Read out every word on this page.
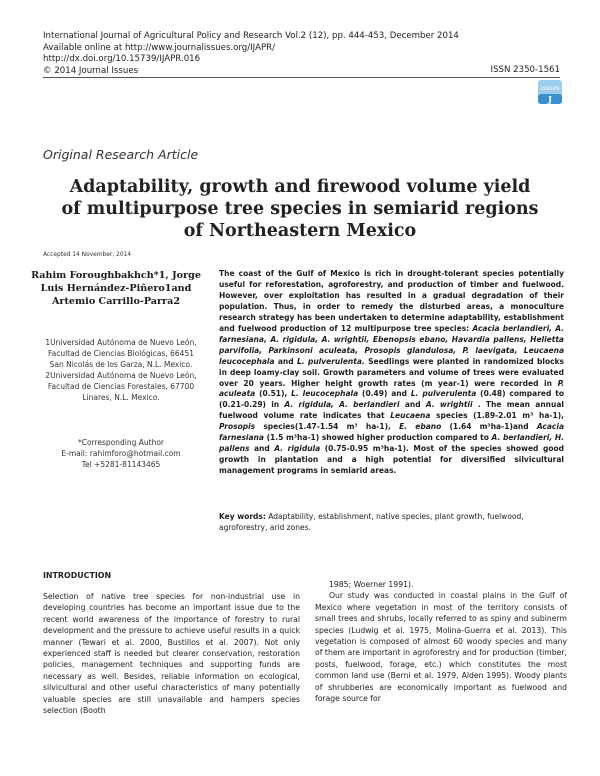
International Journal of Agricultural Policy and Research Vol.2 (12), pp. 444-453, December 2014
Available online at http://www.journalissues.org/IJAPR/
http://dx.doi.org/10.15739/IJAPR.016
© 2014 Journal Issues	ISSN 2350-1561
issues
J
Original Research Article
Adaptability, growth and firewood volume yield of multipurpose tree species in semiarid regions of Northeastern Mexico
Accepted 14 November, 2014
Rahim Foroughbakhch*1, Jorge Luis Hernández-Piñero1and Artemio Carrillo-Parra2
1Universidad Autónoma de Nuevo León, Facultad de Ciencias Biológicas, 66451 San Nicolás de los Garza, N.L. Mexico.
2Universidad Autónoma de Nuevo León, Facultad de Ciencias Forestales, 67700 Linares, N.L. Mexico.
*Corresponding Author
E-mail: rahimforo@hotmail.com
Tel +5281-81143465
The coast of the Gulf of Mexico is rich in drought-tolerant species potentially useful for reforestation, agroforestry, and production of timber and fuelwood. However, over exploitation has resulted in a gradual degradation of their population. Thus, in order to remedy the disturbed areas, a monoculture research strategy has been undertaken to determine adaptability, establishment and fuelwood production of 12 multipurpose tree species: Acacia berlandieri, A. farnesiana, A. rigidula, A. wrightii, Ebenopsis ebano, Havardia pallens, Helietta parvifolia, Parkinsoni aculeata, Prosopis glandulosa, P. laevigata, Leucaena leucocephala and L. pulverulenta. Seedlings were planted in randomized blocks in deep loamy-clay soil. Growth parameters and volume of trees were evaluated over 20 years. Higher height growth rates (m year-1) were recorded in P. aculeata (0.51), L. leucocephala (0.49) and L. pulverulenta (0.48) compared to (0.21-0.29) in A. rigidula, A. berlandieri and A. wrightii . The mean annual fuelwood volume rate indicates that Leucaena species (1.89-2.01 m³ ha-1), Prosopis species(1.47-1.54 m³ ha-1), E. ebano (1.64 m³ha-1)and Acacia farnesiana (1.5 m³ha-1) showed higher production compared to A. berlandieri, H. pallens and A. rigidula (0.75-0.95 m³ha-1). Most of the species showed good growth in plantation and a high potential for diversified silvicultural management programs in semiarid areas.
Key words: Adaptability, establishment, native species, plant growth, fuelwood, agroforestry, arid zones.
INTRODUCTION

Selection of native tree species for non-industrial use in developing countries has become an important issue due to the recent world awareness of the importance of forestry to rural development and the pressure to achieve useful results in a quick manner (Tewari et al. 2000, Bustillos et al. 2007). Not only experienced staff is needed but clearer conservation, restoration policies, management techniques and supporting funds are necessary as well. Besides, reliable information on ecological, silvicultural and other useful characteristics of many potentially valuable species are still unavailable and hampers species selection (Booth

1985; Woerner 1991).

Our study was conducted in coastal plains in the Gulf of Mexico where vegetation in most of the territory consists of small trees and shrubs, locally referred to as spiny and subinerm species (Ludwig et al. 1975, Molina-Guerra et al. 2013). This vegetation is composed of almost 60 woody species and many of them are important in agroforestry and for production (timber, posts, fuelwood, forage, etc.) which constitutes the most common land use (Berni et al. 1979, Alden 1995). Woody plants of shrubberies are economically important as fuelwood and forage source for
